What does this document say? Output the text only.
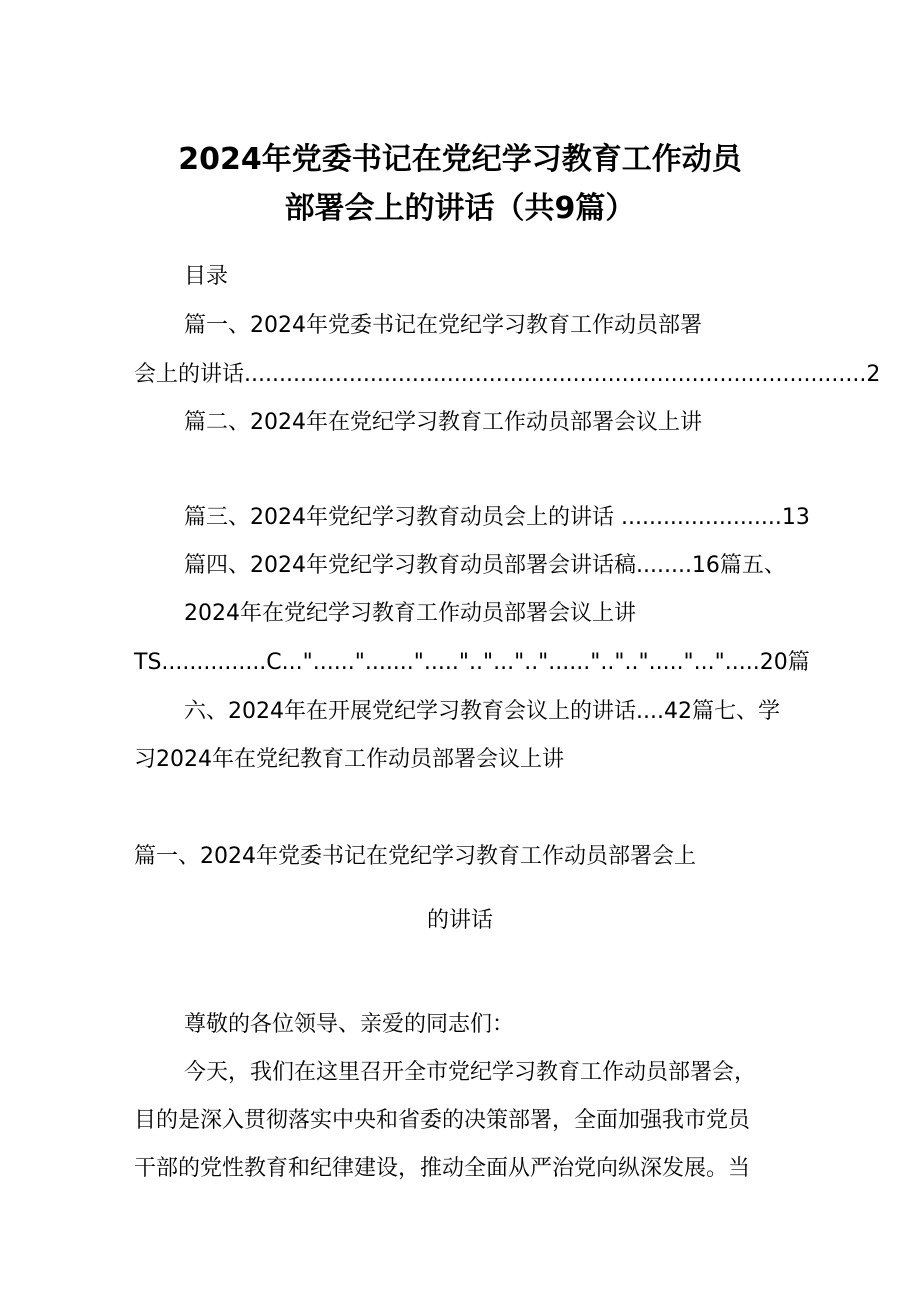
2024年党委书记在党纪学习教育工作动员
部署会上的讲话（共9篇）
目录
篇一、2024年党委书记在党纪学习教育工作动员部署
会上的讲话.........................................................................................2
篇二、2024年在党纪学习教育工作动员部署会议上讲
篇三、2024年党纪学习教育动员会上的讲话 .......................13
篇四、2024年党纪学习教育动员部署会讲话稿........16篇五、
2024年在党纪学习教育工作动员部署会议上讲
TS...............C..."......".......".....".."...".."......"..".."....."...".....20篇
六、2024年在开展党纪学习教育会议上的讲话....42篇七、学
习2024年在党纪教育工作动员部署会议上讲
篇一、2024年党委书记在党纪学习教育工作动员部署会上
的讲话
尊敬的各位领导、亲爱的同志们：
今天，我们在这里召开全市党纪学习教育工作动员部署会，
目的是深入贯彻落实中央和省委的决策部署，全面加强我市党员
干部的党性教育和纪律建设，推动全面从严治党向纵深发展。当
